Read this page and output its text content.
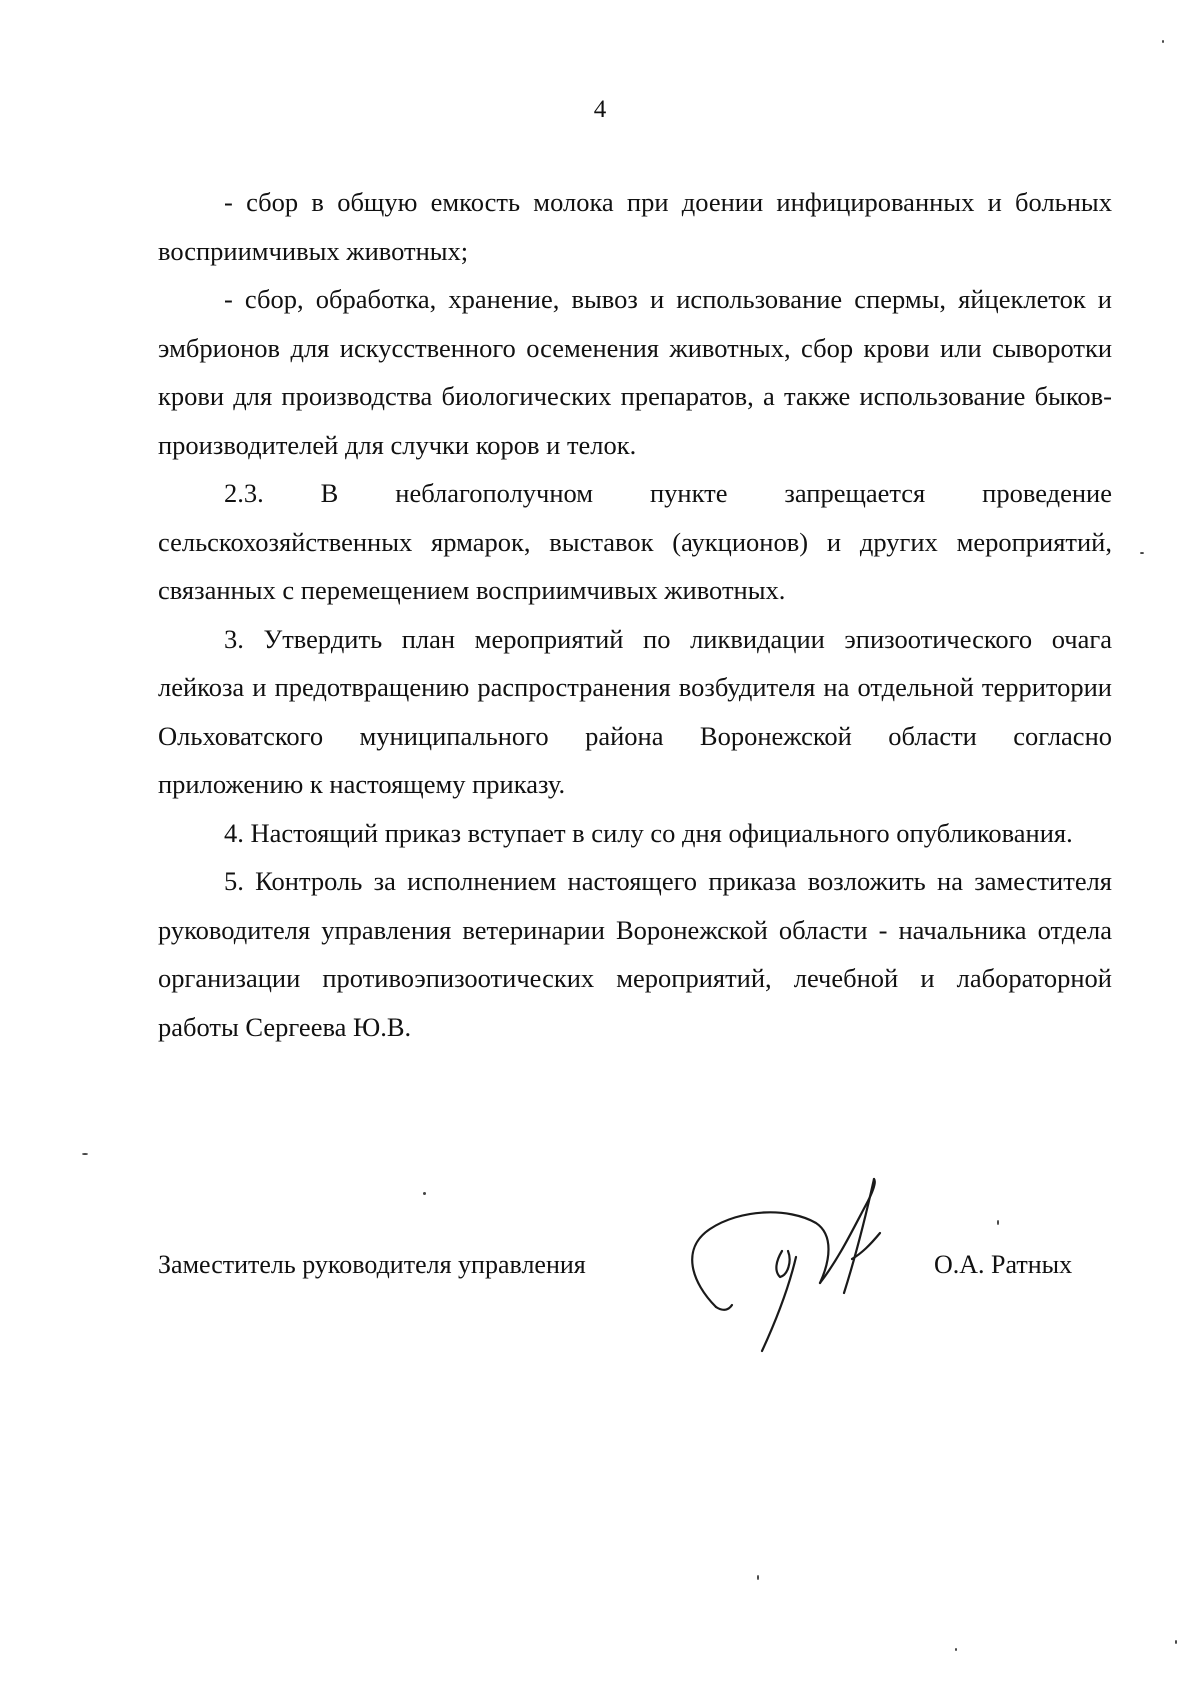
4

- сбор в общую емкость молока при доении инфицированных и больных восприимчивых животных;

- сбор, обработка, хранение, вывоз и использование спермы, яйцеклеток и эмбрионов для искусственного осеменения животных, сбор крови или сыворотки крови для производства биологических препаратов, а также использование быков-производителей для случки коров и телок.

2.3. В неблагополучном пункте запрещается проведение сельскохозяйственных ярмарок, выставок (аукционов) и других мероприятий, связанных с перемещением восприимчивых животных.

3. Утвердить план мероприятий по ликвидации эпизоотического очага лейкоза и предотвращению распространения возбудителя на отдельной территории Ольховатского муниципального района Воронежской области согласно приложению к настоящему приказу.

4. Настоящий приказ вступает в силу со дня официального опубликования.

5. Контроль за исполнением настоящего приказа возложить на заместителя руководителя управления ветеринарии Воронежской области - начальника отдела организации противоэпизоотических мероприятий, лечебной и лабораторной работы Сергеева Ю.В.

Заместитель руководителя управления	О.А. Ратных
